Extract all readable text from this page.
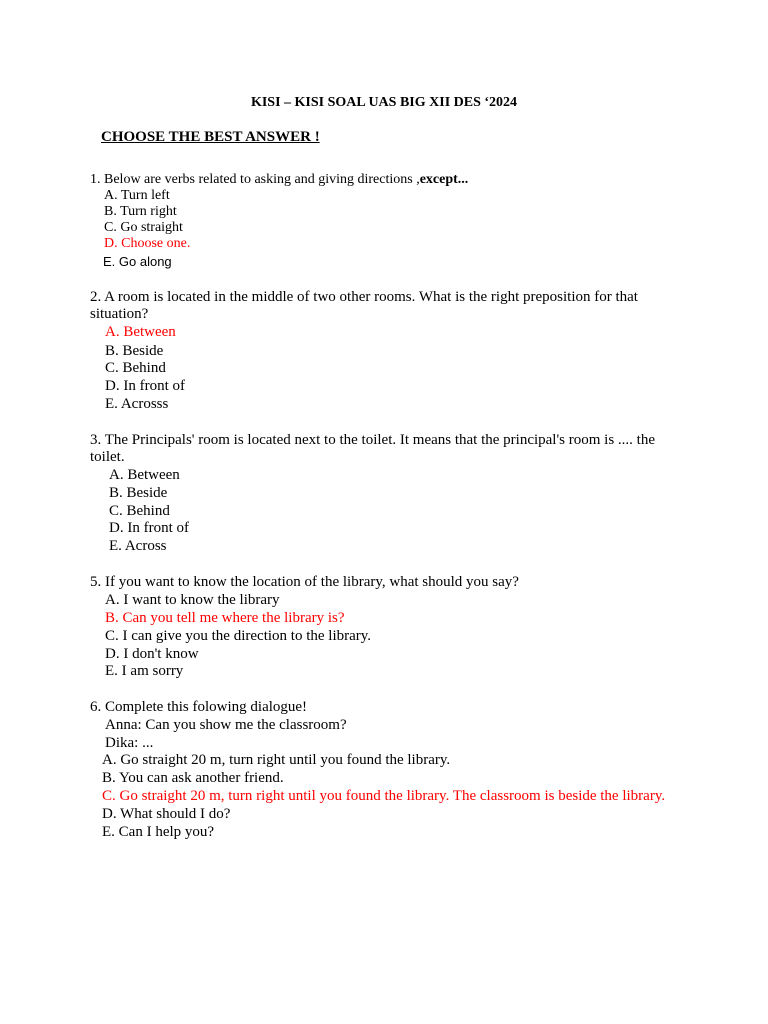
KISI – KISI SOAL UAS BIG XII DES ‘2024
CHOOSE THE BEST ANSWER !
1. Below are verbs related to asking and giving directions ,except...
A. Turn left
B. Turn right
C. Go straight
D. Choose one.
E. Go along
2. A room is located in the middle of two other rooms. What is the right preposition for that
situation?
A. Between
B. Beside
C. Behind
D. In front of
E. Acrosss
3. The Principals' room is located next to the toilet. It means that the principal's room is .... the
toilet.
A. Between
B. Beside
C. Behind
D. In front of
E. Across
5. If you want to know the location of the library, what should you say?
A. I want to know the library
B. Can you tell me where the library is?
C. I can give you the direction to the library.
D. I don't know
E. I am sorry
6. Complete this folowing dialogue!
Anna: Can you show me the classroom?
Dika: ...
A. Go straight 20 m, turn right until you found the library.
B. You can ask another friend.
C. Go straight 20 m, turn right until you found the library. The classroom is beside the library.
D. What should I do?
E. Can I help you?
